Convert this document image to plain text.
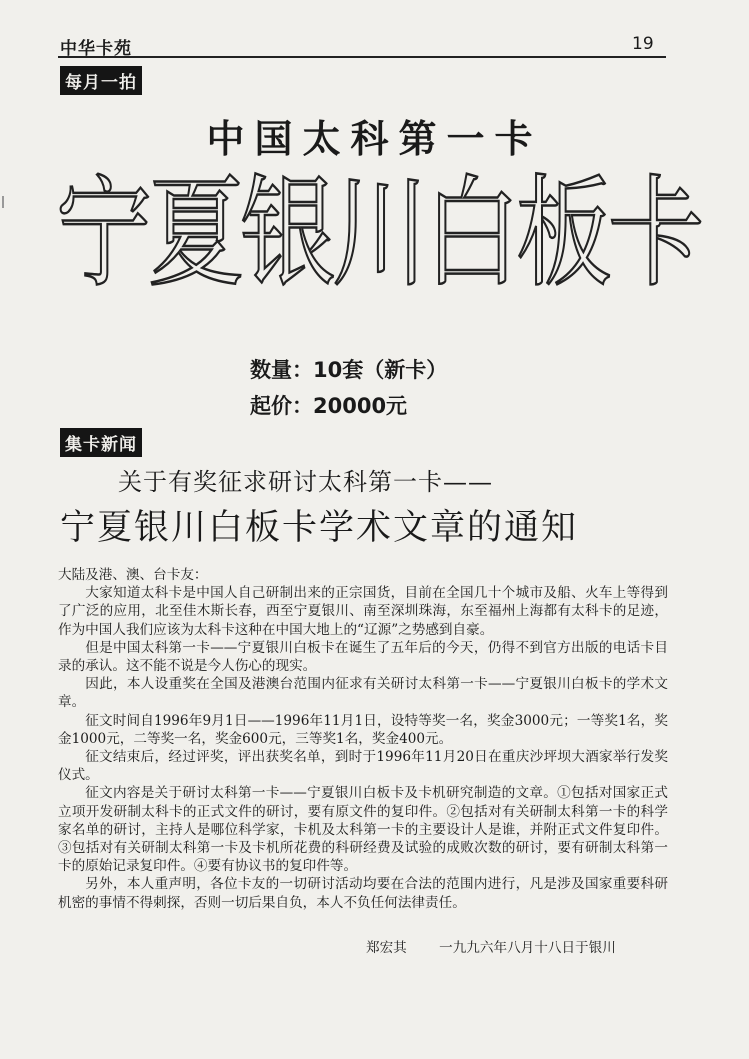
中华卡苑	19
每月一拍
中国太科第一卡
宁夏银川白板卡
数量：10套（新卡）
起价：20000元
集卡新闻
关于有奖征求研讨太科第一卡——
宁夏银川白板卡学术文章的通知

大陆及港、澳、台卡友：

大家知道太科卡是中国人自己研制出来的正宗国货，目前在全国几十个城市及船、火车上等得到了广泛的应用，北至佳木斯长春，西至宁夏银川、南至深圳珠海，东至福州上海都有太科卡的足迹，作为中国人我们应该为太科卡这种在中国大地上的“辽源”之势感到自豪。

但是中国太科第一卡——宁夏银川白板卡在诞生了五年后的今天，仍得不到官方出版的电话卡目录的承认。这不能不说是今人伤心的现实。

因此，本人设重奖在全国及港澳台范围内征求有关研讨太科第一卡——宁夏银川白板卡的学术文章。

征文时间自1996年9月1日——1996年11月1日，设特等奖一名，奖金3000元；一等奖1名，奖金1000元，二等奖一名，奖金600元，三等奖1名，奖金400元。

征文结束后，经过评奖，评出获奖名单，到时于1996年11月20日在重庆沙坪坝大酒家举行发奖仪式。

征文内容是关于研讨太科第一卡——宁夏银川白板卡及卡机研究制造的文章。①包括对国家正式立项开发研制太科卡的正式文件的研讨，要有原文件的复印件。②包括对有关研制太科第一卡的科学家名单的研讨，主持人是哪位科学家，卡机及太科第一卡的主要设计人是谁，并附正式文件复印件。③包括对有关研制太科第一卡及卡机所花费的科研经费及试验的成败次数的研讨，要有研制太科第一卡的原始记录复印件。④要有协议书的复印件等。

另外，本人重声明，各位卡友的一切研讨活动均要在合法的范围内进行，凡是涉及国家重要科研机密的事情不得刺探，否则一切后果自负，本人不负任何法律责任。

郑宏其 一九九六年八月十八日于银川
